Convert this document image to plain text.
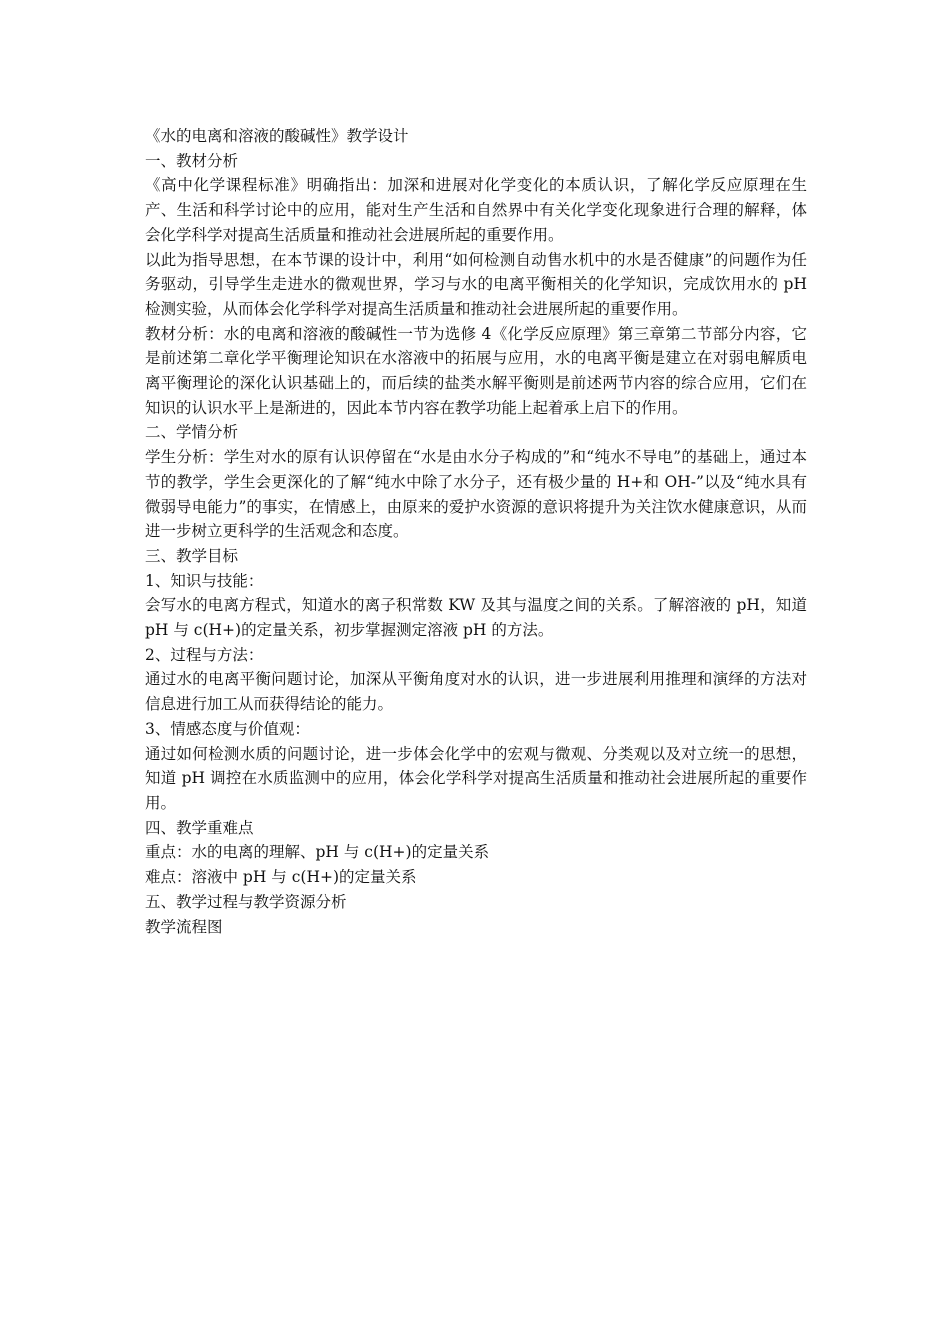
《水的电离和溶液的酸碱性》教学设计
一、教材分析
《高中化学课程标准》明确指出：加深和进展对化学变化的本质认识，了解化学反应原理在生产、生活和科学讨论中的应用，能对生产生活和自然界中有关化学变化现象进行合理的解释，体会化学科学对提高生活质量和推动社会进展所起的重要作用。
以此为指导思想，在本节课的设计中，利用“如何检测自动售水机中的水是否健康”的问题作为任务驱动，引导学生走进水的微观世界，学习与水的电离平衡相关的化学知识，完成饮用水的 pH 检测实验，从而体会化学科学对提高生活质量和推动社会进展所起的重要作用。
教材分析：水的电离和溶液的酸碱性一节为选修 4《化学反应原理》第三章第二节部分内容，它是前述第二章化学平衡理论知识在水溶液中的拓展与应用，水的电离平衡是建立在对弱电解质电离平衡理论的深化认识基础上的，而后续的盐类水解平衡则是前述两节内容的综合应用，它们在知识的认识水平上是渐进的，因此本节内容在教学功能上起着承上启下的作用。
二、学情分析
学生分析：学生对水的原有认识停留在“水是由水分子构成的”和“纯水不导电”的基础上，通过本节的教学，学生会更深化的了解“纯水中除了水分子，还有极少量的 H+和 OH-”以及“纯水具有微弱导电能力”的事实，在情感上，由原来的爱护水资源的意识将提升为关注饮水健康意识，从而进一步树立更科学的生活观念和态度。
三、教学目标
1、知识与技能：
会写水的电离方程式，知道水的离子积常数 KW 及其与温度之间的关系。了解溶液的 pH，知道 pH 与 c(H+)的定量关系，初步掌握测定溶液 pH 的方法。
2、过程与方法：
通过水的电离平衡问题讨论，加深从平衡角度对水的认识，进一步进展利用推理和演绎的方法对信息进行加工从而获得结论的能力。
3、情感态度与价值观：
通过如何检测水质的问题讨论，进一步体会化学中的宏观与微观、分类观以及对立统一的思想，知道 pH 调控在水质监测中的应用，体会化学科学对提高生活质量和推动社会进展所起的重要作用。
四、教学重难点
重点：水的电离的理解、pH 与 c(H+)的定量关系
难点：溶液中 pH 与 c(H+)的定量关系
五、教学过程与教学资源分析
教学流程图
